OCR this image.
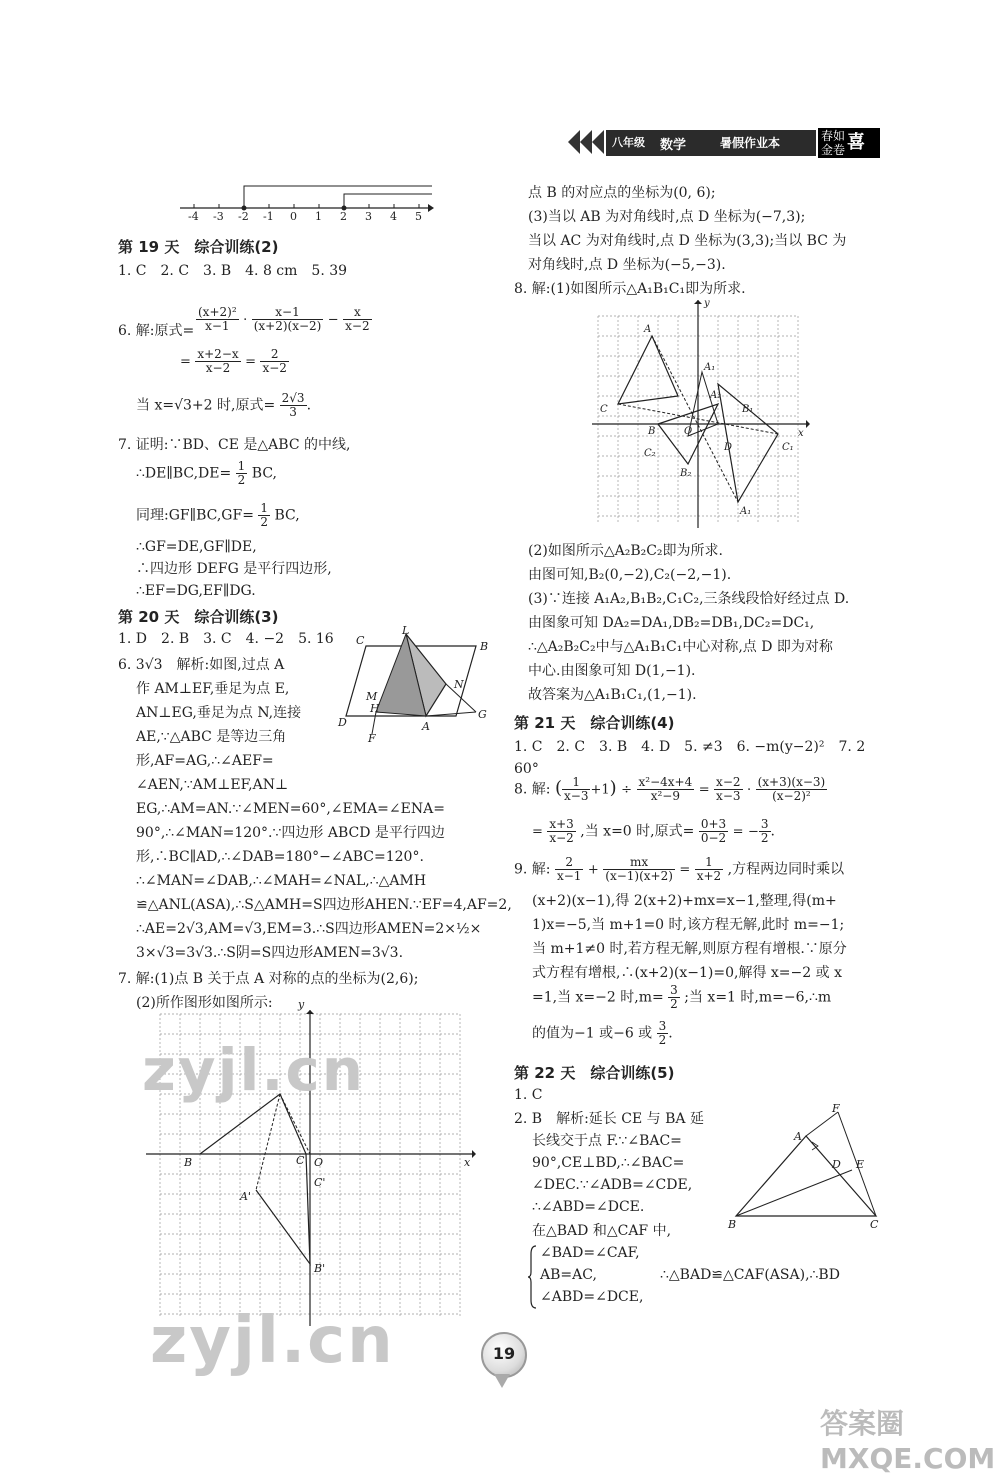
八年级 数学	暑假作业本	春如
金卷 喜
-4 -3 -2 -1 0 1 2 3 4 5
第 19 天　综合训练(2)
1. C　2. C　3. B　4. 8 cm　5. 39
6. 解:原式= $\frac{\text{(x+2)²}}{x-1} \cdot \frac{x-1}{(x+2)(x-2)} - \frac{x}{x-2}$
= $\frac{x+2-x}{x-2} = \frac{2}{x-2}$
当 x=√3+2 时,原式= $\frac{2√3}{3}$ .
7. 证明:∵BD、CE 是△ABC 的中线,
∴DE∥BC,DE= $\frac{1}{2}$ BC,
同理:GF∥BC,GF= $\frac{1}{2}$ BC,
∴GF=DE,GF∥DE,
∴四边形 DEFG 是平行四边形,
∴EF=DG,EF∥DG.
第 20 天　综合训练(3)
1. D　2. B　3. C　4. −2　5. 16
6. 3√3　解析:如图,过点 A
作 AM⊥EF,垂足为点 E,
AN⊥EG,垂足为点 N,连接
AE,∵△ABC 是等边三角
形,AF=AG,∴∠AEF=
∠AEN,∵AM⊥EF,AN⊥
EG,∴AM=AN.∵∠MEN=60°,∠EMA=∠ENA=
90°,∴∠MAN=120°.∵四边形 ABCD 是平行四边
形,∴BC∥AD,∴∠DAB=180°−∠ABC=120°.
∴∠MAN=∠DAB,∴∠MAH=∠NAL,∴△AMH
≌△ANL(ASA),∴S△AMH=S四边形AHEN.∵EF=4,AF=2,
∴AE=2√3,AM=√3,EM=3.∴S四边形AMEN=2×½×
3×√3=3√3.∴S阴=S四边形AMEN=3√3.
7. 解:(1)点 B 关于点 A 对称的点的坐标为(2,6);
(2)所作图形如图所示:
C
L
B
M
H
N
D	A
G
F
y
B	C O	x
A'
C'
B'
zyjl.cn
zyjl.cn
点 B 的对应点的坐标为(0, 6);
(3)当以 AB 为对角线时,点 D 坐标为(−7,3);
当以 AC 为对角线时,点 D 坐标为(3,3);当以 BC 为
对角线时,点 D 坐标为(−5,−3).
8. 解:(1)如图所示△A₁B₁C₁即为所求.
A
A₁
C	B₁
B	O
A₂
C₂
D	C₁
B₂
A₁
x
y
(2)如图所示△A₂B₂C₂即为所求.
由图可知,B₂(0,−2),C₂(−2,−1).
(3)∵连接 A₁A₂,B₁B₂,C₁C₂,三条线段恰好经过点 D.
由图象可知 DA₂=DA₁,DB₂=DB₁,DC₂=DC₁,
∴△A₂B₂C₂中与△A₁B₁C₁中心对称,点 D 即为对称
中心.由图象可知 D(1,−1).
故答案为△A₁B₁C₁,(1,−1).
第 21 天　综合训练(4)
1. C　2. C　3. B　4. D　5. ≠3　6. −m(y−2)²　7. 2
60°
8. 解: ( $\frac{1}{x-3} +1) \div \frac{\text{x²−4x+4}}{\text{x²−9}} = \frac{x-2}{x-3} \cdot \frac{(x+3)(x-3)}{\text{(x−2)²}}$
= $\frac{x+3}{x-2}$ ,当 x=0 时,原式= $\frac{0+3}{0-2}$ = − $\frac{3}{2}$ .
9. 解: $\frac{2}{x-1} + \frac{mx}{(x-1)(x+2)} = \frac{1}{x+2}$ ,方程两边同时乘以
(x+2)(x−1),得 2(x+2)+mx=x−1,整理,得(m+
1)x=−5,当 m+1=0 时,该方程无解,此时 m=−1;
当 m+1≠0 时,若方程无解,则原方程有增根.∵原分
式方程有增根,∴(x+2)(x−1)=0,解得 x=−2 或 x
=1,当 x=−2 时$,m= \frac{3}{2}$ ;当 x=1 时,m=−6,∴m
的值为−1 或−6 或 $\frac{3}{2}$ .
第 22 天　综合训练(5)
1. C
2. B　解析:延长 CE 与 BA 延
长线交于点 F.∵∠BAC=
90°,CE⊥BD,∴∠BAC=
∠DEC.∵∠ADB=∠CDE,
∴∠ABD=∠DCE.
在△BAD 和△CAF 中,
∠BAD=∠CAF,
AB=AC,
∠ABD=∠DCE,
∴△BAD≌△CAF(ASA),∴BD
F
A
D E
B	C
19
答案圈 MXQE.COM
